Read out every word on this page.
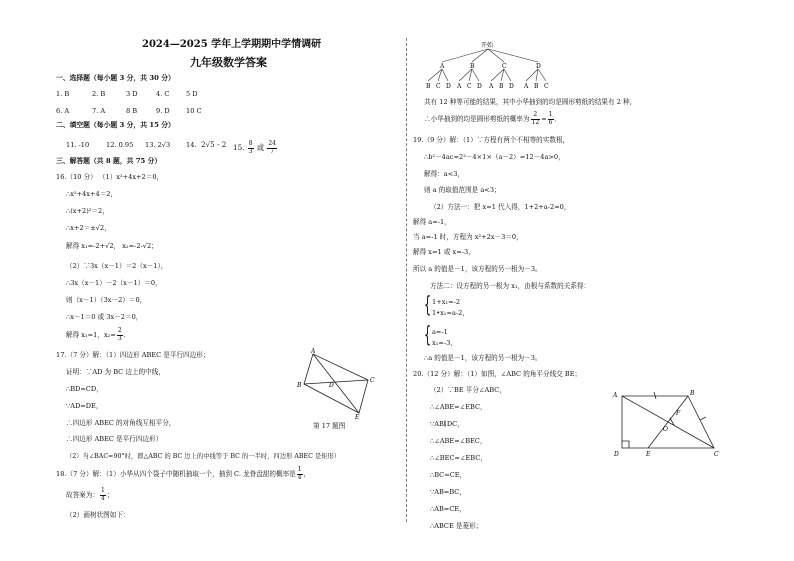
2024—2025 学年上学期期中学情调研
九年级数学答案
一、选择题（每小题 3 分，共 30 分）
1. B	2. B	3 D	4. C	5 D
6. A	7. A	8 B	9. D 10 C
二、填空题（每小题 3 分，共 15 分）
11. -10	12. 0.95 13. 2√3 14. 2√5 - 2 15. $\frac{8}{3}$ 或 $\frac{24}{7}$
三、解答题（共 8 题，共 75 分）
16.（10 分） （1）x²+4x+2＝0，
∴x²+4x+4＝2，
∴(x+2)²＝2，
∴x+2＝±√2，
解得 x₁=-2+√2， x₂=-2-√2；
（2）∵3x（x－1）＝2（x－1），
∴3x（x－1）－2（x－1）＝0，
则（x－1）（3x－2）＝0，
∴x－1＝0 或 3x－2＝0，
解得 x₁=1，$x_2= \frac{2}{3}$ .
17.（7 分）解：（1）四边形 ABEC 是平行四边形；
证明：∵AD 为 BC 边上的中线，
∴BD=CD，
∵AD=DE，
∴四边形 ABEC 的对角线互相平分，
∴四边形 ABEC 是平行四边形）
（2）当∠BAC=90°时，即△ABC 的 BC 边上的中线等于 BC 的一半时，四边形 ABEC 是矩形）
第 17 题图
A
B
C
D
E
18.（7 分）解：（1）小华从四个袋子中随机抽取一个，抽到 C. 龙脊盘甜的概率是 $\frac{1}{4}$ ，
故答案为： $\frac{1}{4}$ ；
（2）画树状图如下：
开始
A	B	C	D
B C D A C D A B D A B C
共有 12 种等可能的结果，其中小华抽到的均是圆形剪纸的结果有 2 种，
∴小华抽到的均是圆形剪纸的概率为 $\frac{2}{12} = \frac{1}{6}$ ．
19.（9 分）解：（1）∵方程有两个不相等的实数根，
∴b²－4ac=2²－4×1×（a－2）=12－4a>0，
解得：a<3，
则 a 的取值范围是 a<3；
（2）方法一：把 x=1 代入得，1+2+a-2=0，
解得 a=-1，
当 a=-1 时，方程为 x²+2x－3＝0，
解得 x=1 或 x=-3，
所以 a 的值是－1，该方程的另一根为－3。
方法二：设方程的另一根为 x₁，由根与系数的关系得：
{ 1+x₁=-2
1•x₁=a-2，
{ a=-1
x₁=-3，
∴a 的值是－1，该方程的另一根为－3。
20.（12 分）解：（1）如图，∠ABC 的角平分线交 BE；
（2）∵BE 平分∠ABC，
∴∠ABE=∠EBC，
∵AB∥DC，
∴∠ABE=∠BEC，
∴∠BEC=∠EBC，
∴BC=CE，
∵AB=BC，
∴AB=CE，
∴ABCE 是菱形；
A	B
D	E	C
O
F
